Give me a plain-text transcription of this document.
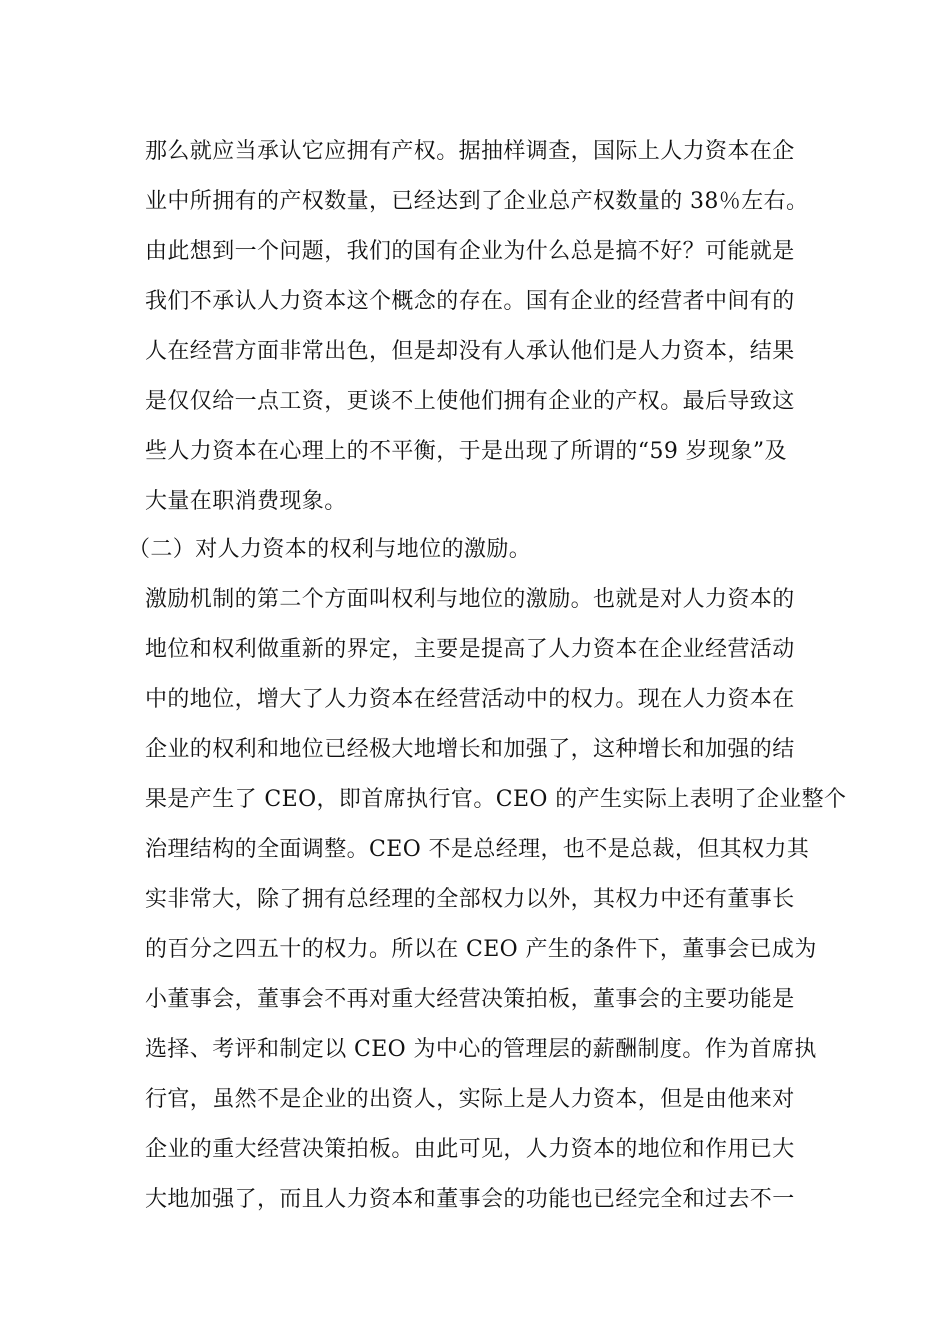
那么就应当承认它应拥有产权。据抽样调查，国际上人力资本在企
业中所拥有的产权数量，已经达到了企业总产权数量的 38％左右。
由此想到一个问题，我们的国有企业为什么总是搞不好？可能就是
我们不承认人力资本这个概念的存在。国有企业的经营者中间有的
人在经营方面非常出色，但是却没有人承认他们是人力资本，结果
是仅仅给一点工资，更谈不上使他们拥有企业的产权。最后导致这
些人力资本在心理上的不平衡，于是出现了所谓的“59 岁现象”及
大量在职消费现象。
（二）对人力资本的权利与地位的激励。
激励机制的第二个方面叫权利与地位的激励。也就是对人力资本的
地位和权利做重新的界定，主要是提高了人力资本在企业经营活动
中的地位，增大了人力资本在经营活动中的权力。现在人力资本在
企业的权利和地位已经极大地增长和加强了，这种增长和加强的结
果是产生了 CEO，即首席执行官。CEO 的产生实际上表明了企业整个
治理结构的全面调整。CEO 不是总经理，也不是总裁，但其权力其
实非常大，除了拥有总经理的全部权力以外，其权力中还有董事长
的百分之四五十的权力。所以在 CEO 产生的条件下，董事会已成为
小董事会，董事会不再对重大经营决策拍板，董事会的主要功能是
选择、考评和制定以 CEO 为中心的管理层的薪酬制度。作为首席执
行官，虽然不是企业的出资人，实际上是人力资本，但是由他来对
企业的重大经营决策拍板。由此可见，人力资本的地位和作用已大
大地加强了，而且人力资本和董事会的功能也已经完全和过去不一
